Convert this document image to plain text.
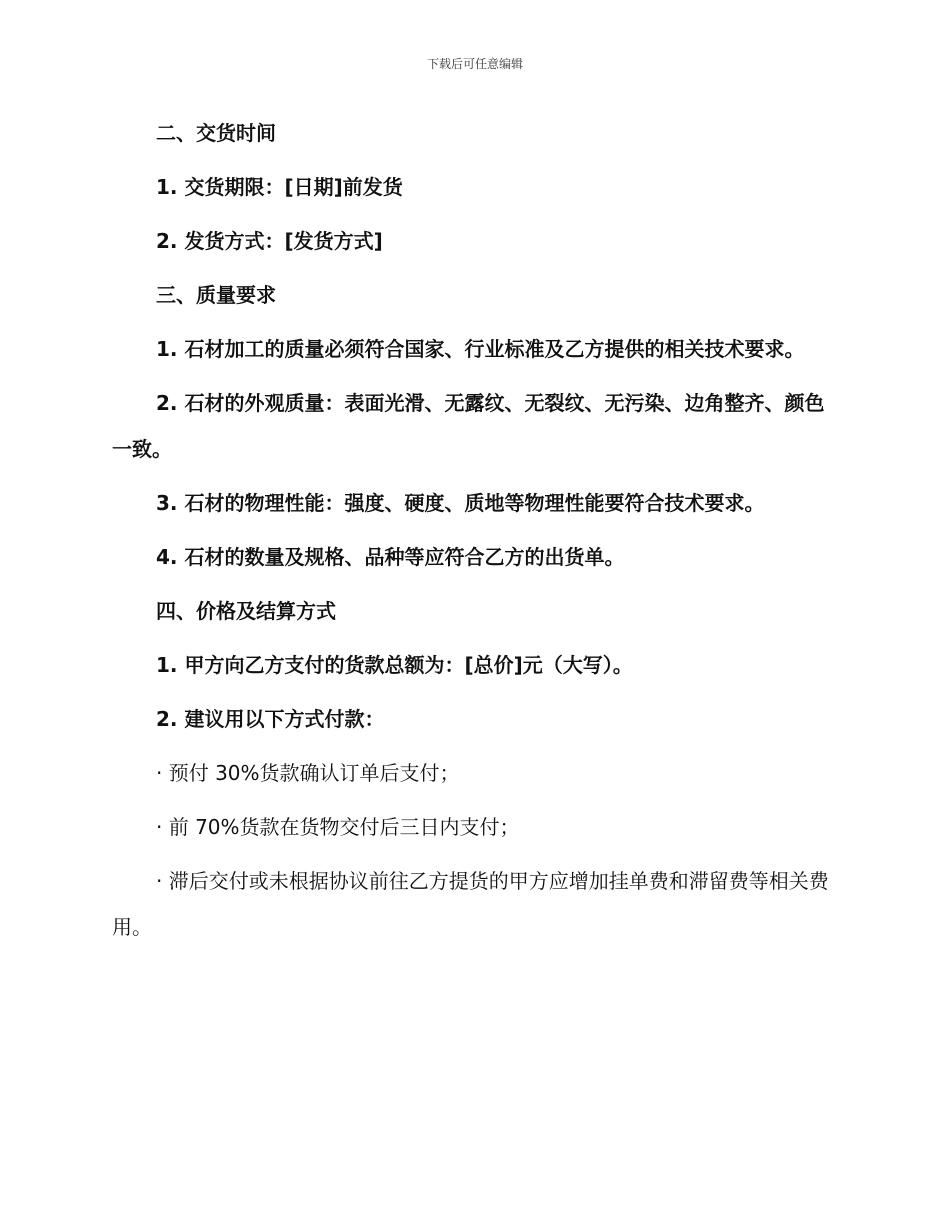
下载后可任意编辑

二、交货时间

1. 交货期限：[日期]前发货

2. 发货方式：[发货方式]

三、质量要求

1. 石材加工的质量必须符合国家、行业标准及乙方提供的相关技术要求。

2. 石材的外观质量：表面光滑、无露纹、无裂纹、无污染、边角整齐、颜色一致。

3. 石材的物理性能：强度、硬度、质地等物理性能要符合技术要求。

4. 石材的数量及规格、品种等应符合乙方的出货单。

四、价格及结算方式

1. 甲方向乙方支付的货款总额为：[总价]元（大写）。

2. 建议用以下方式付款：

· 预付 30%货款确认订单后支付；

· 前 70%货款在货物交付后三日内支付；

· 滞后交付或未根据协议前往乙方提货的甲方应增加挂单费和滞留费等相关费用。
